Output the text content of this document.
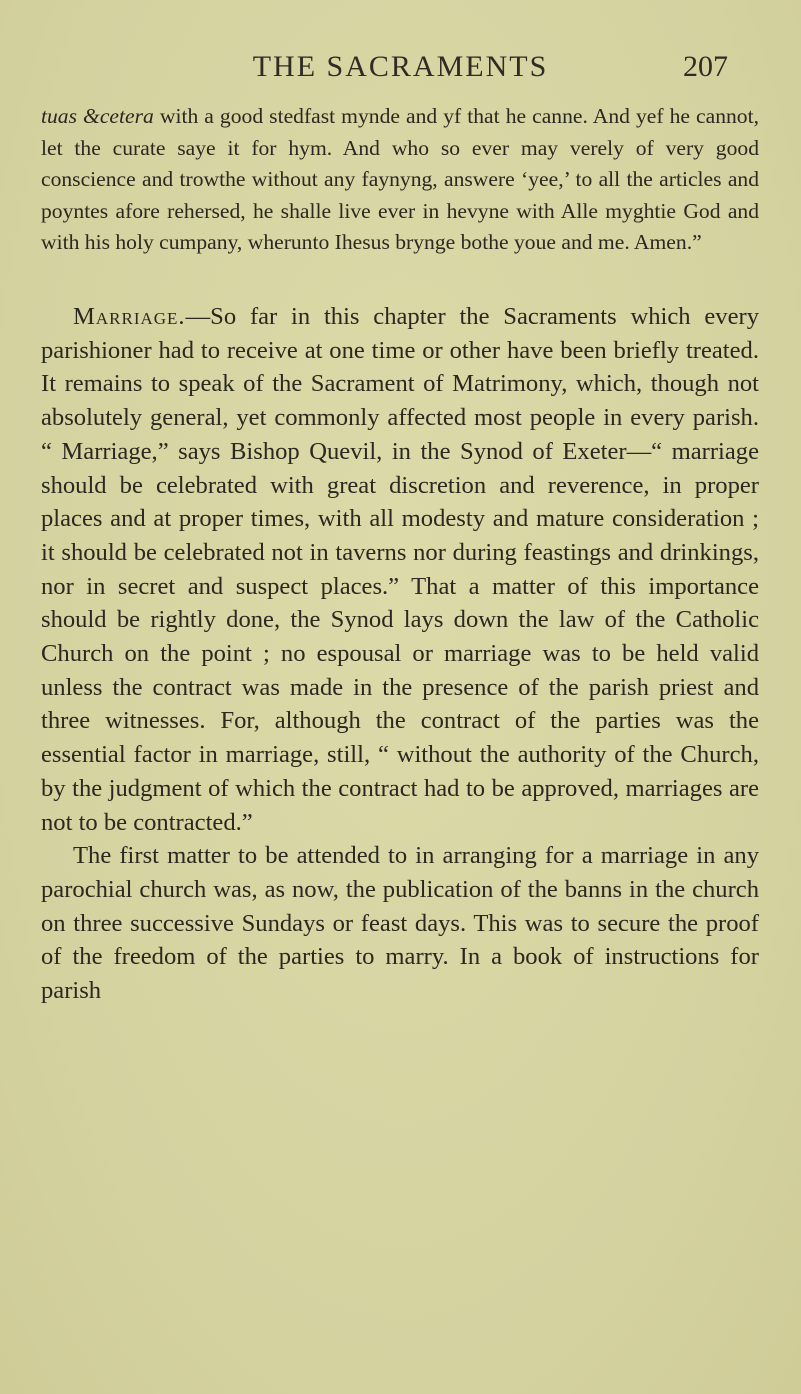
THE SACRAMENTS	207

tuas &cetera with a good stedfast mynde and yf that he canne. And yef he cannot, let the curate saye it for hym. And who so ever may verely of very good conscience and trowthe without any faynyng, answere ‘yee,’ to all the articles and poyntes afore rehersed, he shalle live ever in hevyne with Alle myghtie God and with his holy cumpany, wherunto Ihesus brynge bothe youe and me. Amen.”

Marriage.—So far in this chapter the Sacraments which every parishioner had to receive at one time or other have been briefly treated. It remains to speak of the Sacrament of Matrimony, which, though not absolutely general, yet commonly affected most people in every parish. “ Marriage,” says Bishop Quevil, in the Synod of Exeter—“ marriage should be celebrated with great discretion and reverence, in proper places and at proper times, with all modesty and mature consideration ; it should be celebrated not in taverns nor during feastings and drinkings, nor in secret and suspect places.” That a matter of this importance should be rightly done, the Synod lays down the law of the Catholic Church on the point ; no espousal or marriage was to be held valid unless the contract was made in the presence of the parish priest and three witnesses. For, although the contract of the parties was the essential factor in marriage, still, “ without the authority of the Church, by the judgment of which the contract had to be approved, marriages are not to be contracted.”

The first matter to be attended to in arranging for a marriage in any parochial church was, as now, the publication of the banns in the church on three successive Sundays or feast days. This was to secure the proof of the freedom of the parties to marry. In a book of instructions for parish
